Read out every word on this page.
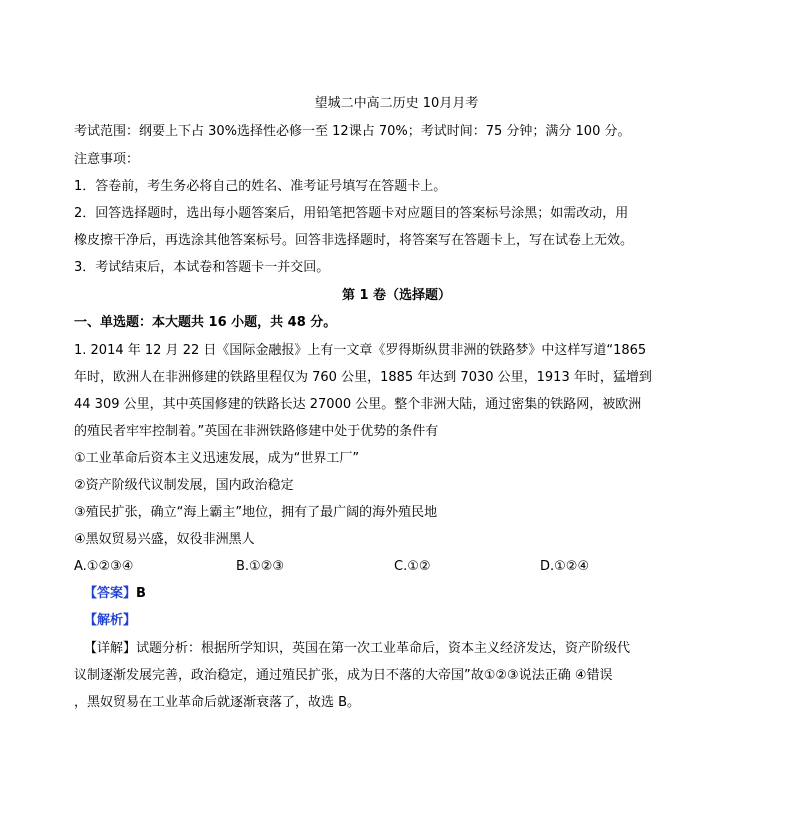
望城二中高二历史 10月月考
考试范围：纲要上下占 30%选择性必修一至 12课占 70%；考试时间：75 分钟；满分 100 分。
注意事项：
1．答卷前，考生务必将自己的姓名、准考证号填写在答题卡上。
2．回答选择题时，选出每小题答案后，用铅笔把答题卡对应题目的答案标号涂黑；如需改动，用
橡皮擦干净后，再选涂其他答案标号。回答非选择题时，将答案写在答题卡上，写在试卷上无效。
3．考试结束后，本试卷和答题卡一并交回。
第 1 卷（选择题）
一、单选题：本大题共 16 小题，共 48 分。
1. 2014 年 12 月 22 日《国际金融报》上有一文章《罗得斯纵贯非洲的铁路梦》中这样写道“1865
年时，欧洲人在非洲修建的铁路里程仅为 760 公里，1885 年达到 7030 公里，1913 年时，猛增到
44 309 公里，其中英国修建的铁路长达 27000 公里。整个非洲大陆，通过密集的铁路网，被欧洲
的殖民者牢牢控制着。”英国在非洲铁路修建中处于优势的条件有
①工业革命后资本主义迅速发展，成为“世界工厂”
②资产阶级代议制发展，国内政治稳定
③殖民扩张，确立“海上霸主”地位，拥有了最广阔的海外殖民地
④黑奴贸易兴盛，奴役非洲黑人
A.①②③④	B.①②③	C.①②	D.①②④
【答案】B
【解析】
【详解】试题分析：根据所学知识，英国在第一次工业革命后，资本主义经济发达，资产阶级代
议制逐渐发展完善，政治稳定，通过殖民扩张，成为日不落的大帝国”故①②③说法正确 ④错误
，黑奴贸易在工业革命后就逐渐衰落了，故选 B。
